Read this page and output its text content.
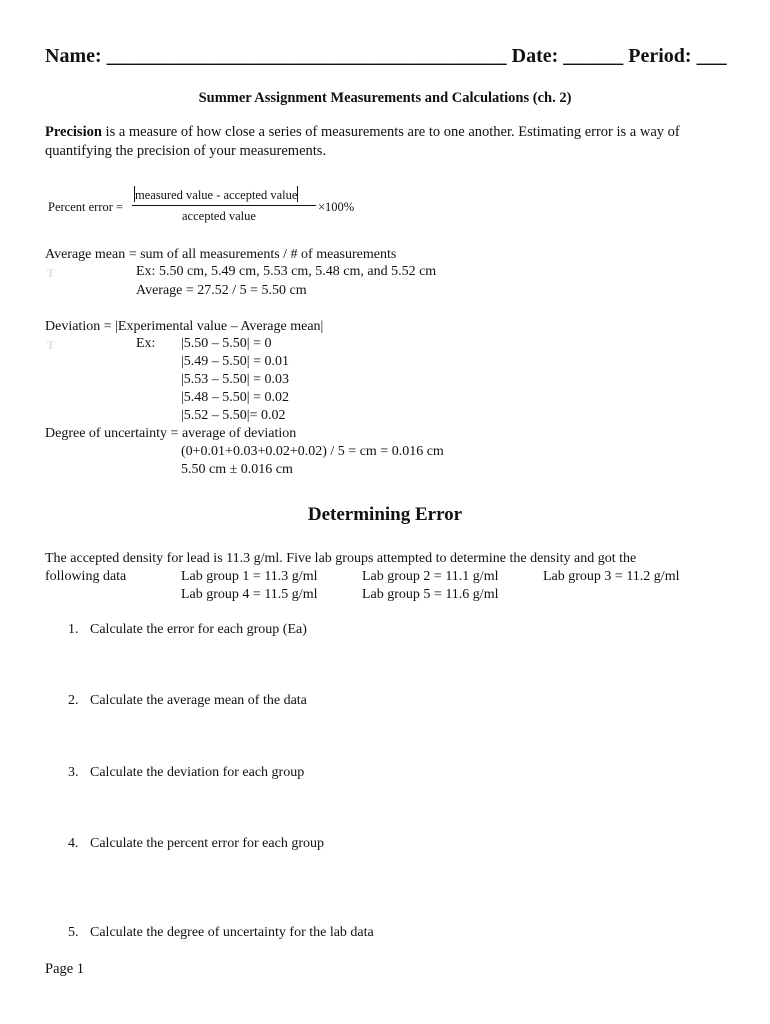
Name: ________________________________________ Date: ______ Period: ___
Summer Assignment Measurements and Calculations (ch. 2)

Precision is a measure of how close a series of measurements are to one another. Estimating error is a way of

quantifying the precision of your measurements.

Percent error =
measured value - accepted value
accepted value
×100%
Average mean = sum of all measurements / # of measurements
T	Ex: 5.50 cm, 5.49 cm, 5.53 cm, 5.48 cm, and 5.52 cm
Average = 27.52 / 5 = 5.50 cm
Deviation = |Experimental value – Average mean|
T	Ex: |5.50 – 5.50| = 0
|5.49 – 5.50| = 0.01
|5.53 – 5.50| = 0.03
|5.48 – 5.50| = 0.02
|5.52 – 5.50|= 0.02
Degree of uncertainty = average of deviation
(0+0.01+0.03+0.02+0.02) / 5 = cm = 0.016 cm
5.50 cm ± 0.016 cm
Determining Error
The accepted density for lead is 11.3 g/ml. Five lab groups attempted to determine the density and got the
following data	Lab group 1 = 11.3 g/ml	Lab group 2 = 11.1 g/ml	Lab group 3 = 11.2 g/ml
Lab group 4 = 11.5 g/ml	Lab group 5 = 11.6 g/ml
1. Calculate the error for each group (Ea)
2. Calculate the average mean of the data
3. Calculate the deviation for each group
4. Calculate the percent error for each group
5. Calculate the degree of uncertainty for the lab data
Page 1
